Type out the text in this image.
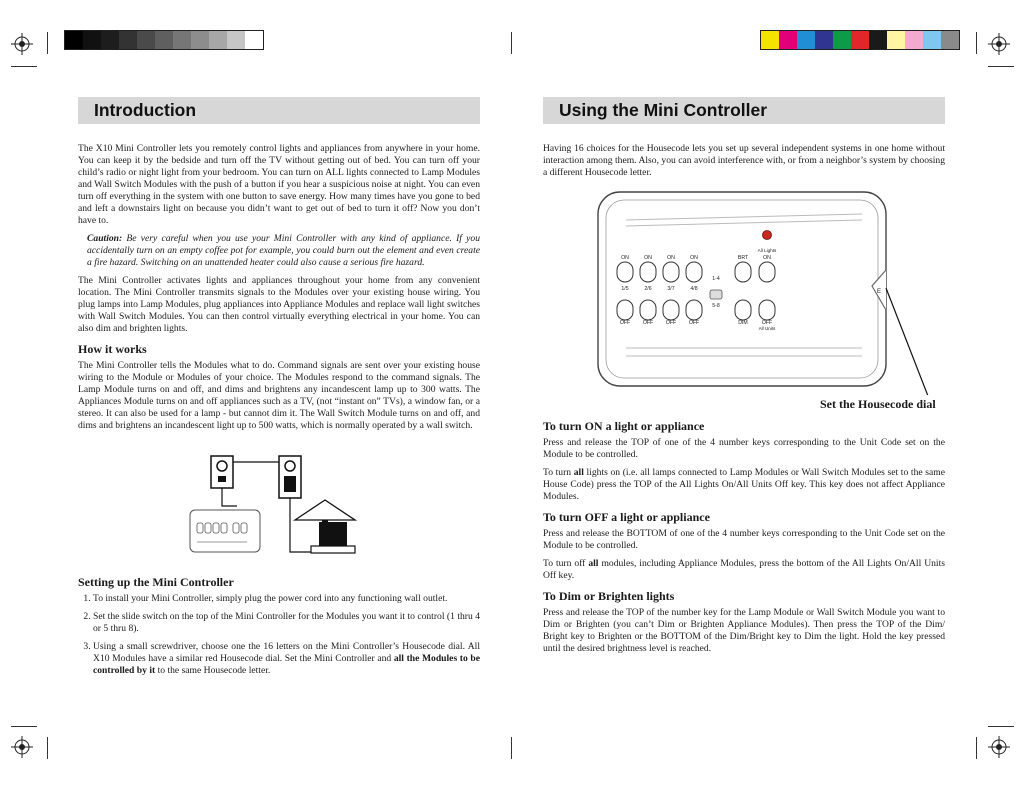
Introduction

The X10 Mini Controller lets you remotely control lights and appliances from anywhere in your home. You can keep it by the bedside and turn off the TV without getting out of bed. You can turn off your child’s radio or night light from your bedroom. You can turn on ALL lights connected to Lamp Modules and Wall Switch Modules with the push of a button if you hear a suspicious noise at night. You can even turn off everything in the system with one button to save energy. How many times have you gone to bed and left a downstairs light on because you didn’t want to get out of bed to turn it off? Now you don’t have to.

Caution: Be very careful when you use your Mini Controller with any kind of appliance. If you accidentally turn on an empty coffee pot for example, you could burn out the element and even create a fire hazard. Switching on an unattended heater could also cause a serious fire hazard.

The Mini Controller activates lights and appliances throughout your home from any convenient location. The Mini Controller transmits signals to the Modules over your existing house wiring. You plug lamps into Lamp Modules, plug appliances into Appliance Modules and replace wall light switches with Wall Switch Modules. You can then control virtually everything electrical in your home. You can also dim and brighten lights.

How it works

The Mini Controller tells the Modules what to do. Command signals are sent over your existing house wiring to the Module or Modules of your choice. The Modules respond to the command signals. The Lamp Module turns on and off, and dims and brightens any incandescent lamp up to 300 watts. The Appliances Module turns on and off appliances such as a TV, (not “instant on” TVs), a window fan, or a stereo. It can also be used for a lamp - but cannot dim it. The Wall Switch Module turns on and off, and dims and brightens an incandescent light up to 500 watts, which is normally operated by a wall switch.

Setting up the Mini Controller
1. To install your Mini Controller, simply plug the power cord into any functioning wall outlet.
2. Set the slide switch on the top of the Mini Controller for the Modules you want it to control (1 thru 4 or 5 thru 8).
3. Using a small screwdriver, choose one the 16 letters on the Mini Controller’s Housecode dial. All X10 Modules have a similar red Housecode dial. Set the Mini Controller and all the Modules to be controlled by it to the same Housecode letter.
Using the Mini Controller

Having 16 choices for the Housecode lets you set up several independent systems in one home without interaction among them. Also, you can avoid interference with, or from a neighbor’s system by choosing a different Housecode letter.

ON
1/5
OFF
ON
2/6
OFF
ON
3/7
OFF
ON
4/8
OFF
1-4
5-8
BRT
DIM
All Lights
ON
OFF
All Units
E
Set the Housecode dial
To turn ON a light or appliance

Press and release the TOP of one of the 4 number keys corresponding to the Unit Code set on the Module to be controlled.

To turn all lights on (i.e. all lamps connected to Lamp Modules or Wall Switch Modules set to the same House Code) press the TOP of the All Lights On/All Units Off key. This key does not affect Appliance Modules.

To turn OFF a light or appliance

Press and release the BOTTOM of one of the 4 number keys corresponding to the Unit Code set on the Module to be controlled.

To turn off all modules, including Appliance Modules, press the bottom of the All Lights On/All Units Off key.

To Dim or Brighten lights

Press and release the TOP of the number key for the Lamp Module or Wall Switch Module you want to Dim or Brighten (you can’t Dim or Brighten Appliance Modules). Then press the TOP of the Dim/ Bright key to Brighten or the BOTTOM of the Dim/Bright key to Dim the light. Hold the key pressed until the desired brightness level is reached.
